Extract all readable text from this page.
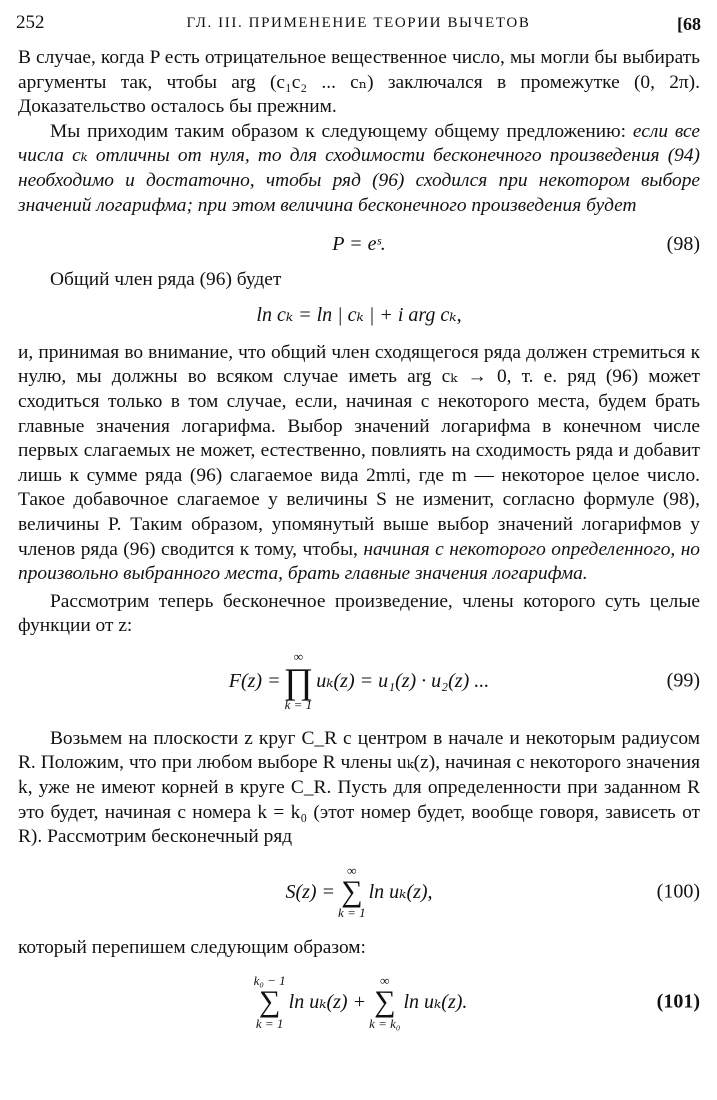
252	ГЛ. III. ПРИМЕНЕНИЕ ТЕОРИИ ВЫЧЕТОВ	[68

В случае, когда P есть отрицательное вещественное число, мы могли бы выбирать аргументы так, чтобы arg (c₁c₂ ... cₙ) заключался в промежутке (0, 2π). Доказательство осталось бы прежним.

Мы приходим таким образом к следующему общему предложению: если все числа cₖ отличны от нуля, то для сходимости бесконечного произведения (94) необходимо и достаточно, чтобы ряд (96) сходился при некотором выборе значений логарифма; при этом величина бесконечного произведения будет

P = eˢ.	(98)

Общий член ряда (96) будет

ln cₖ = ln | cₖ | + i arg cₖ,

и, принимая во внимание, что общий член сходящегося ряда должен стремиться к нулю, мы должны во всяком случае иметь arg cₖ → 0, т. е. ряд (96) может сходиться только в том случае, если, начиная с некоторого места, будем брать главные значения логарифма. Выбор значений логарифма в конечном числе первых слагаемых не может, естественно, повлиять на сходимость ряда и добавит лишь к сумме ряда (96) слагаемое вида 2mπi, где m — некоторое целое число. Такое добавочное слагаемое у величины S не изменит, согласно формуле (98), величины P. Таким образом, упомянутый выше выбор значений логарифмов у членов ряда (96) сводится к тому, чтобы, начиная с некоторого определенного, но произвольно выбранного места, брать главные значения логарифма.

Рассмотрим теперь бесконечное произведение, члены которого суть целые функции от z:

F(z) =
∞
∏
k = 1
uₖ(z) = u₁(z) · u₂(z) ...	(99)

Возьмем на плоскости z круг C_R с центром в начале и некоторым радиусом R. Положим, что при любом выборе R члены uₖ(z), начиная с некоторого значения k, уже не имеют корней в круге C_R. Пусть для определенности при заданном R это будет, начиная с номера k = k₀ (этот номер будет, вообще говоря, зависеть от R). Рассмотрим бесконечный ряд

S(z) =
∞
∑
k = 1
ln uₖ(z),	(100)

который перепишем следующим образом:

k₀ − 1
∑
k = 1
ln uₖ(z) +
∞
∑
k = k₀
ln uₖ(z).	(101)
